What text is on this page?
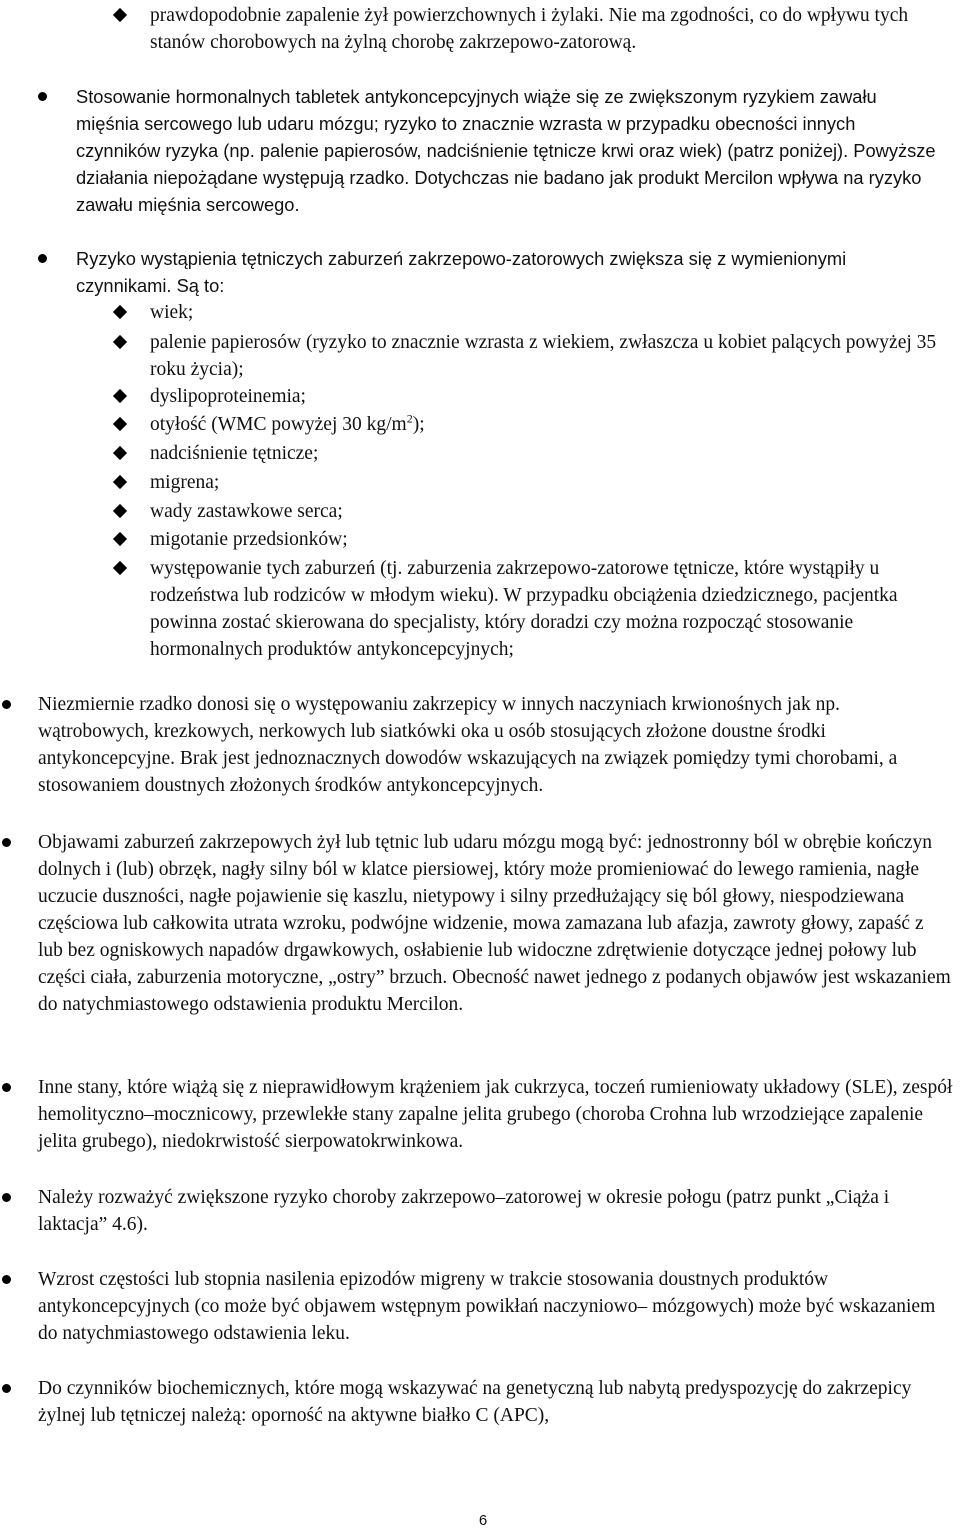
prawdopodobnie zapalenie żył powierzchownych i żylaki. Nie ma zgodności, co do wpływu tych stanów chorobowych na żylną chorobę zakrzepowo-zatorową.
Stosowanie hormonalnych tabletek antykoncepcyjnych wiąże się ze zwiększonym ryzykiem zawału mięśnia sercowego lub udaru mózgu; ryzyko to znacznie wzrasta w przypadku obecności innych czynników ryzyka (np. palenie papierosów, nadciśnienie tętnicze krwi oraz wiek) (patrz poniżej). Powyższe działania niepożądane występują rzadko. Dotychczas nie badano jak produkt Mercilon wpływa na ryzyko zawału mięśnia sercowego.
Ryzyko wystąpienia tętniczych zaburzeń zakrzepowo-zatorowych zwiększa się z wymienionymi czynnikami. Są to:
wiek;
palenie papierosów (ryzyko to znacznie wzrasta z wiekiem, zwłaszcza u kobiet palących powyżej 35 roku życia);
dyslipoproteinemia;
otyłość (WMC powyżej 30 $kg/m^2$);
nadciśnienie tętnicze;
migrena;
wady zastawkowe serca;
migotanie przedsionków;
występowanie tych zaburzeń (tj. zaburzenia zakrzepowo-zatorowe tętnicze, które wystąpiły u rodzeństwa lub rodziców w młodym wieku). W przypadku obciążenia dziedzicznego, pacjentka powinna zostać skierowana do specjalisty, który doradzi czy można rozpocząć stosowanie hormonalnych produktów antykoncepcyjnych;
Niezmiernie rzadko donosi się o występowaniu zakrzepicy w innych naczyniach krwionośnych jak np. wątrobowych, krezkowych, nerkowych lub siatkówki oka u osób stosujących złożone doustne środki antykoncepcyjne. Brak jest jednoznacznych dowodów wskazujących na związek pomiędzy tymi chorobami, a stosowaniem doustnych złożonych środków antykoncepcyjnych.
Objawami zaburzeń zakrzepowych żył lub tętnic lub udaru mózgu mogą być: jednostronny ból w obrębie kończyn dolnych i (lub) obrzęk, nagły silny ból w klatce piersiowej, który może promieniować do lewego ramienia, nagłe uczucie duszności, nagłe pojawienie się kaszlu, nietypowy i silny przedłużający się ból głowy, niespodziewana częściowa lub całkowita utrata wzroku, podwójne widzenie, mowa zamazana lub afazja, zawroty głowy, zapaść z lub bez ogniskowych napadów drgawkowych, osłabienie lub widoczne zdrętwienie dotyczące jednej połowy lub części ciała, zaburzenia motoryczne, „ostry” brzuch. Obecność nawet jednego z podanych objawów jest wskazaniem do natychmiastowego odstawienia produktu Mercilon.
Inne stany, które wiążą się z nieprawidłowym krążeniem jak cukrzyca, toczeń rumieniowaty układowy (SLE), zespół hemolityczno–mocznicowy, przewlekłe stany zapalne jelita grubego (choroba Crohna lub wrzodziejące zapalenie jelita grubego), niedokrwistość sierpowatokrwinkowa.
Należy rozważyć zwiększone ryzyko choroby zakrzepowo–zatorowej w okresie połogu (patrz punkt „Ciąża i laktacja” 4.6).
Wzrost częstości lub stopnia nasilenia epizodów migreny w trakcie stosowania doustnych produktów antykoncepcyjnych (co może być objawem wstępnym powikłań naczyniowo– mózgowych) może być wskazaniem do natychmiastowego odstawienia leku.
Do czynników biochemicznych, które mogą wskazywać na genetyczną lub nabytą predyspozycję do zakrzepicy żylnej lub tętniczej należą: oporność na aktywne białko C (APC),
6
